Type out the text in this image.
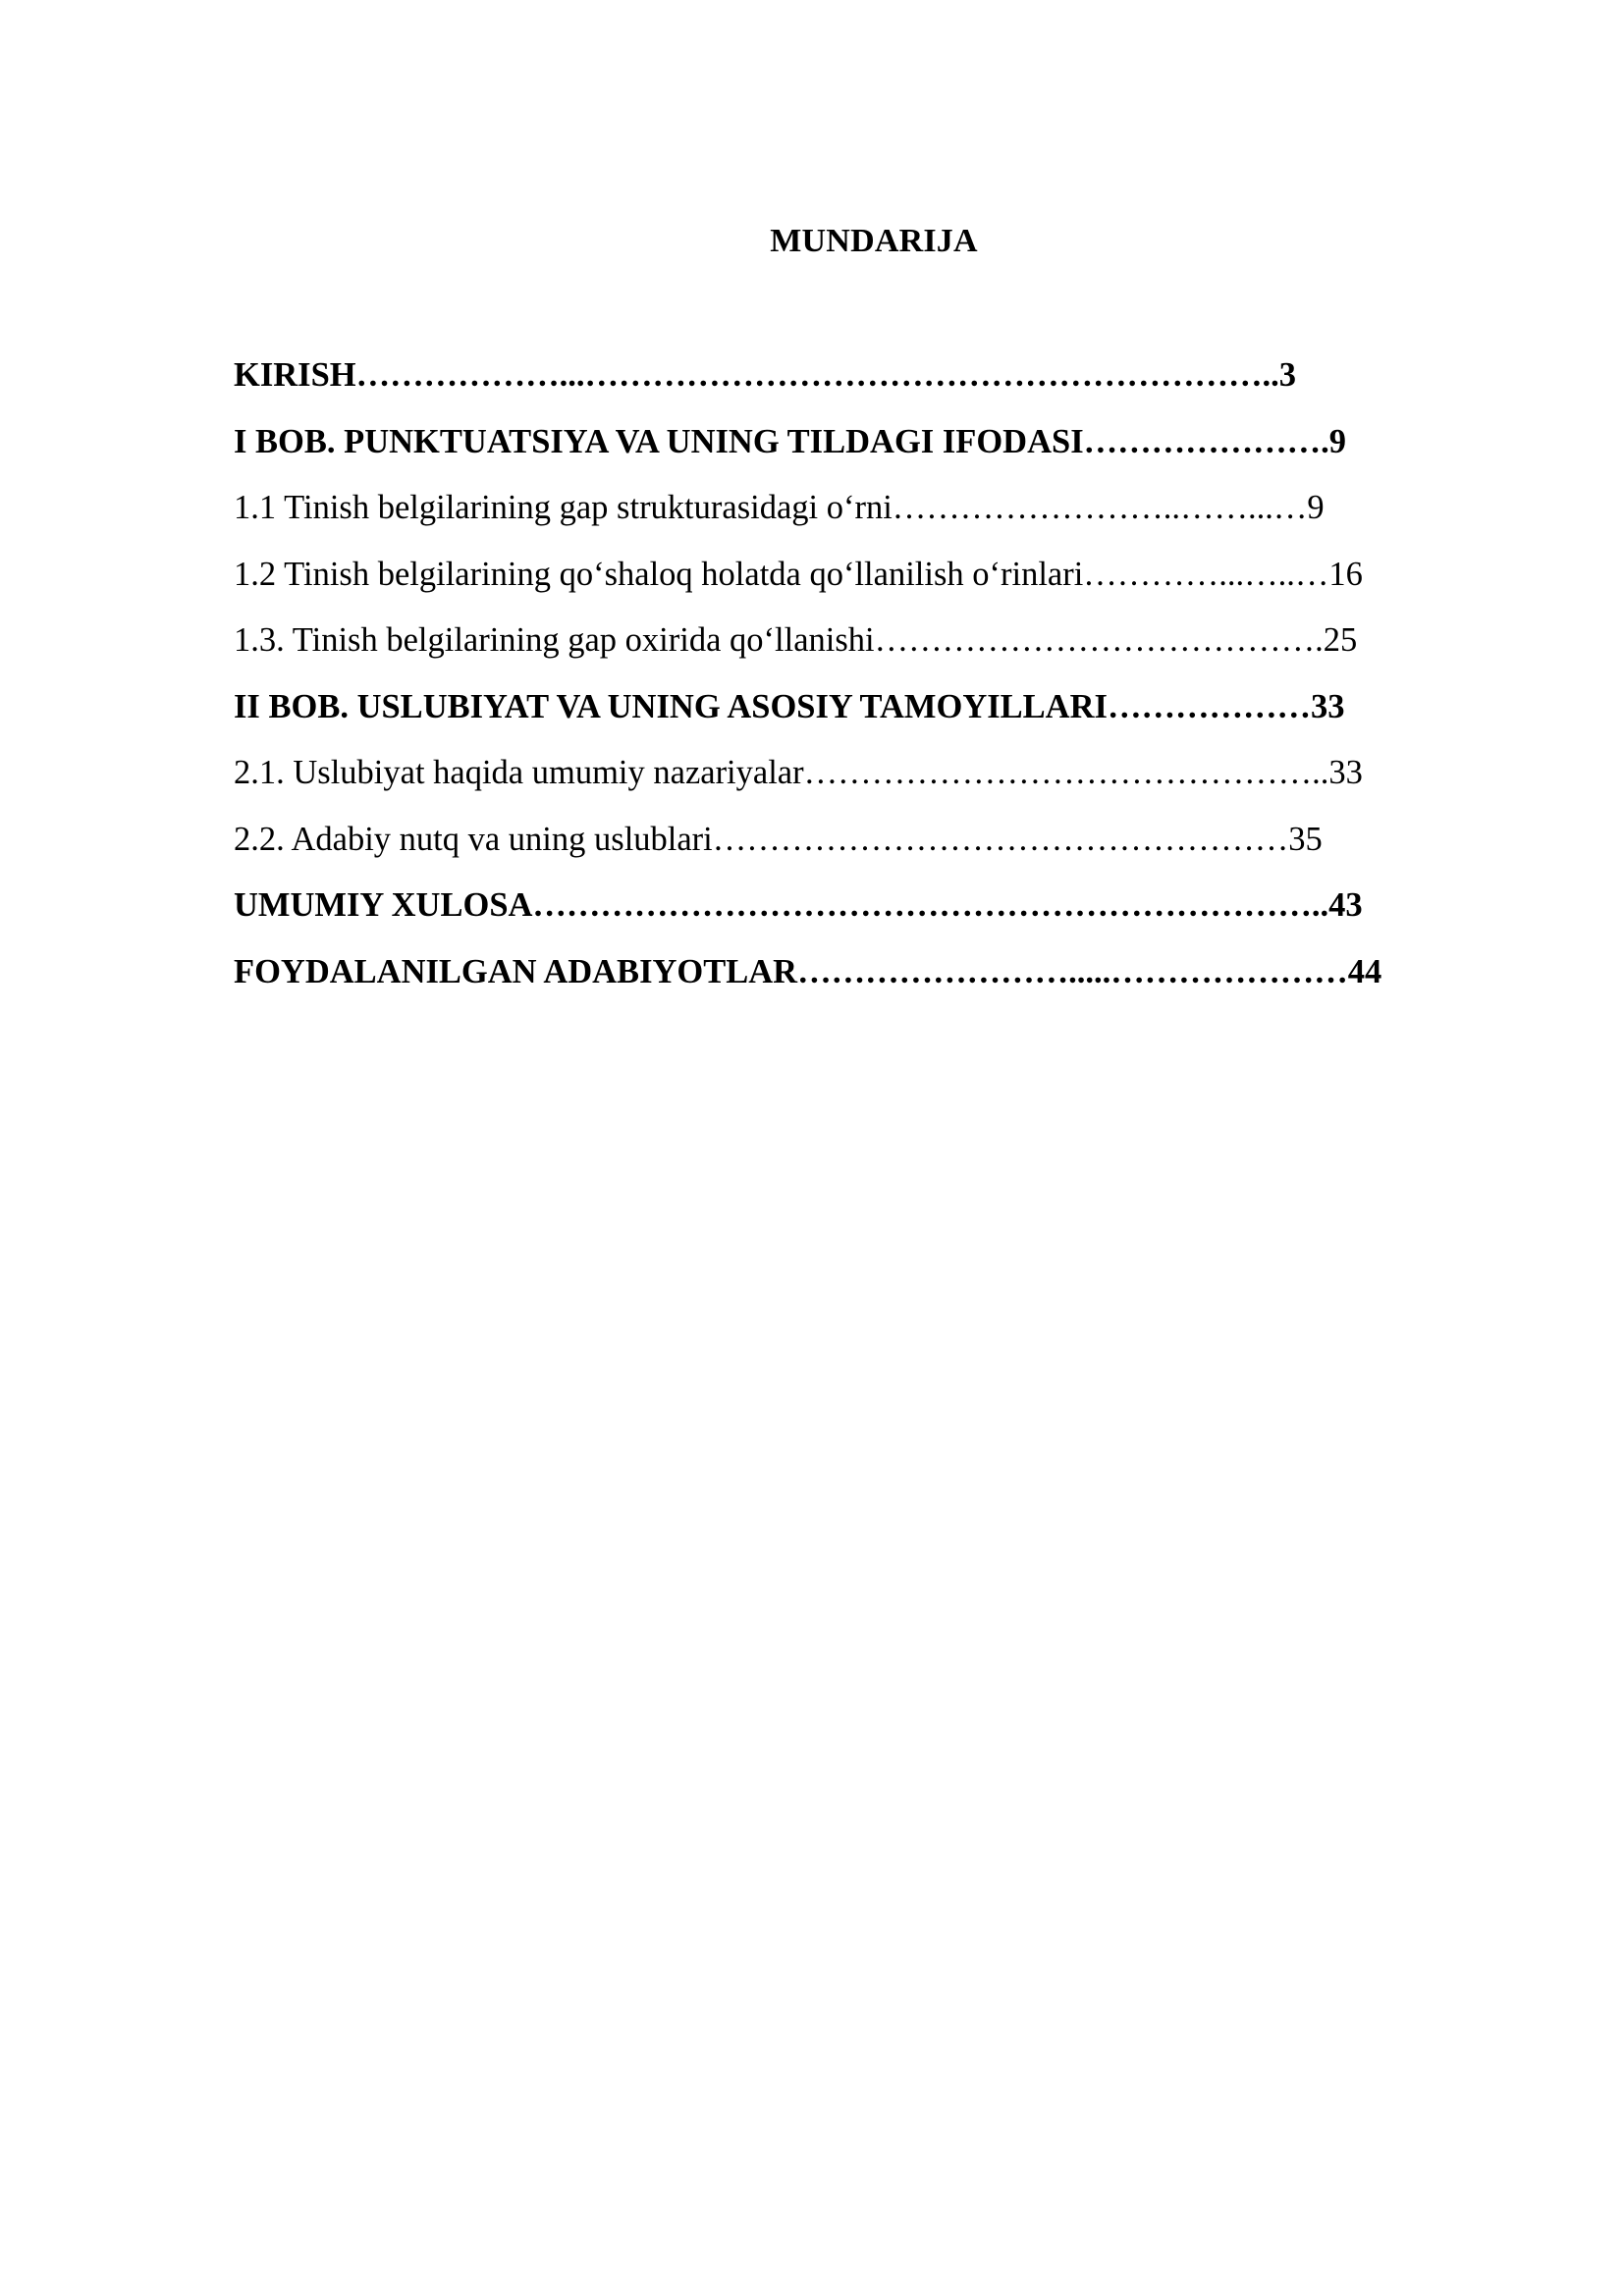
MUNDARIJA
KIRISH………………...……………………………………………………..3
I BOB. PUNKTUATSIYA VA UNING TILDAGI IFODASI………………….9
1.1 Tinish belgilarining gap strukturasidagi o‘rni……………………..……...…9
1.2 Tinish belgilarining qo‘shaloq holatda qo‘llanilish o‘rinlari…………...…..…16
1.3. Tinish belgilarining gap oxirida qo‘llanishi………………………………….25
II BOB. USLUBIYAT VA UNING ASOSIY TAMOYILLARI………………33
2.1. Uslubiyat haqida umumiy nazariyalar………………………………………..33
2.2. Adabiy nutq va uning uslublari……………………………………………35
UMUMIY XULOSA……………………………………………………………..43
FOYDALANILGAN ADABIYOTLAR…………………….....…………………44
